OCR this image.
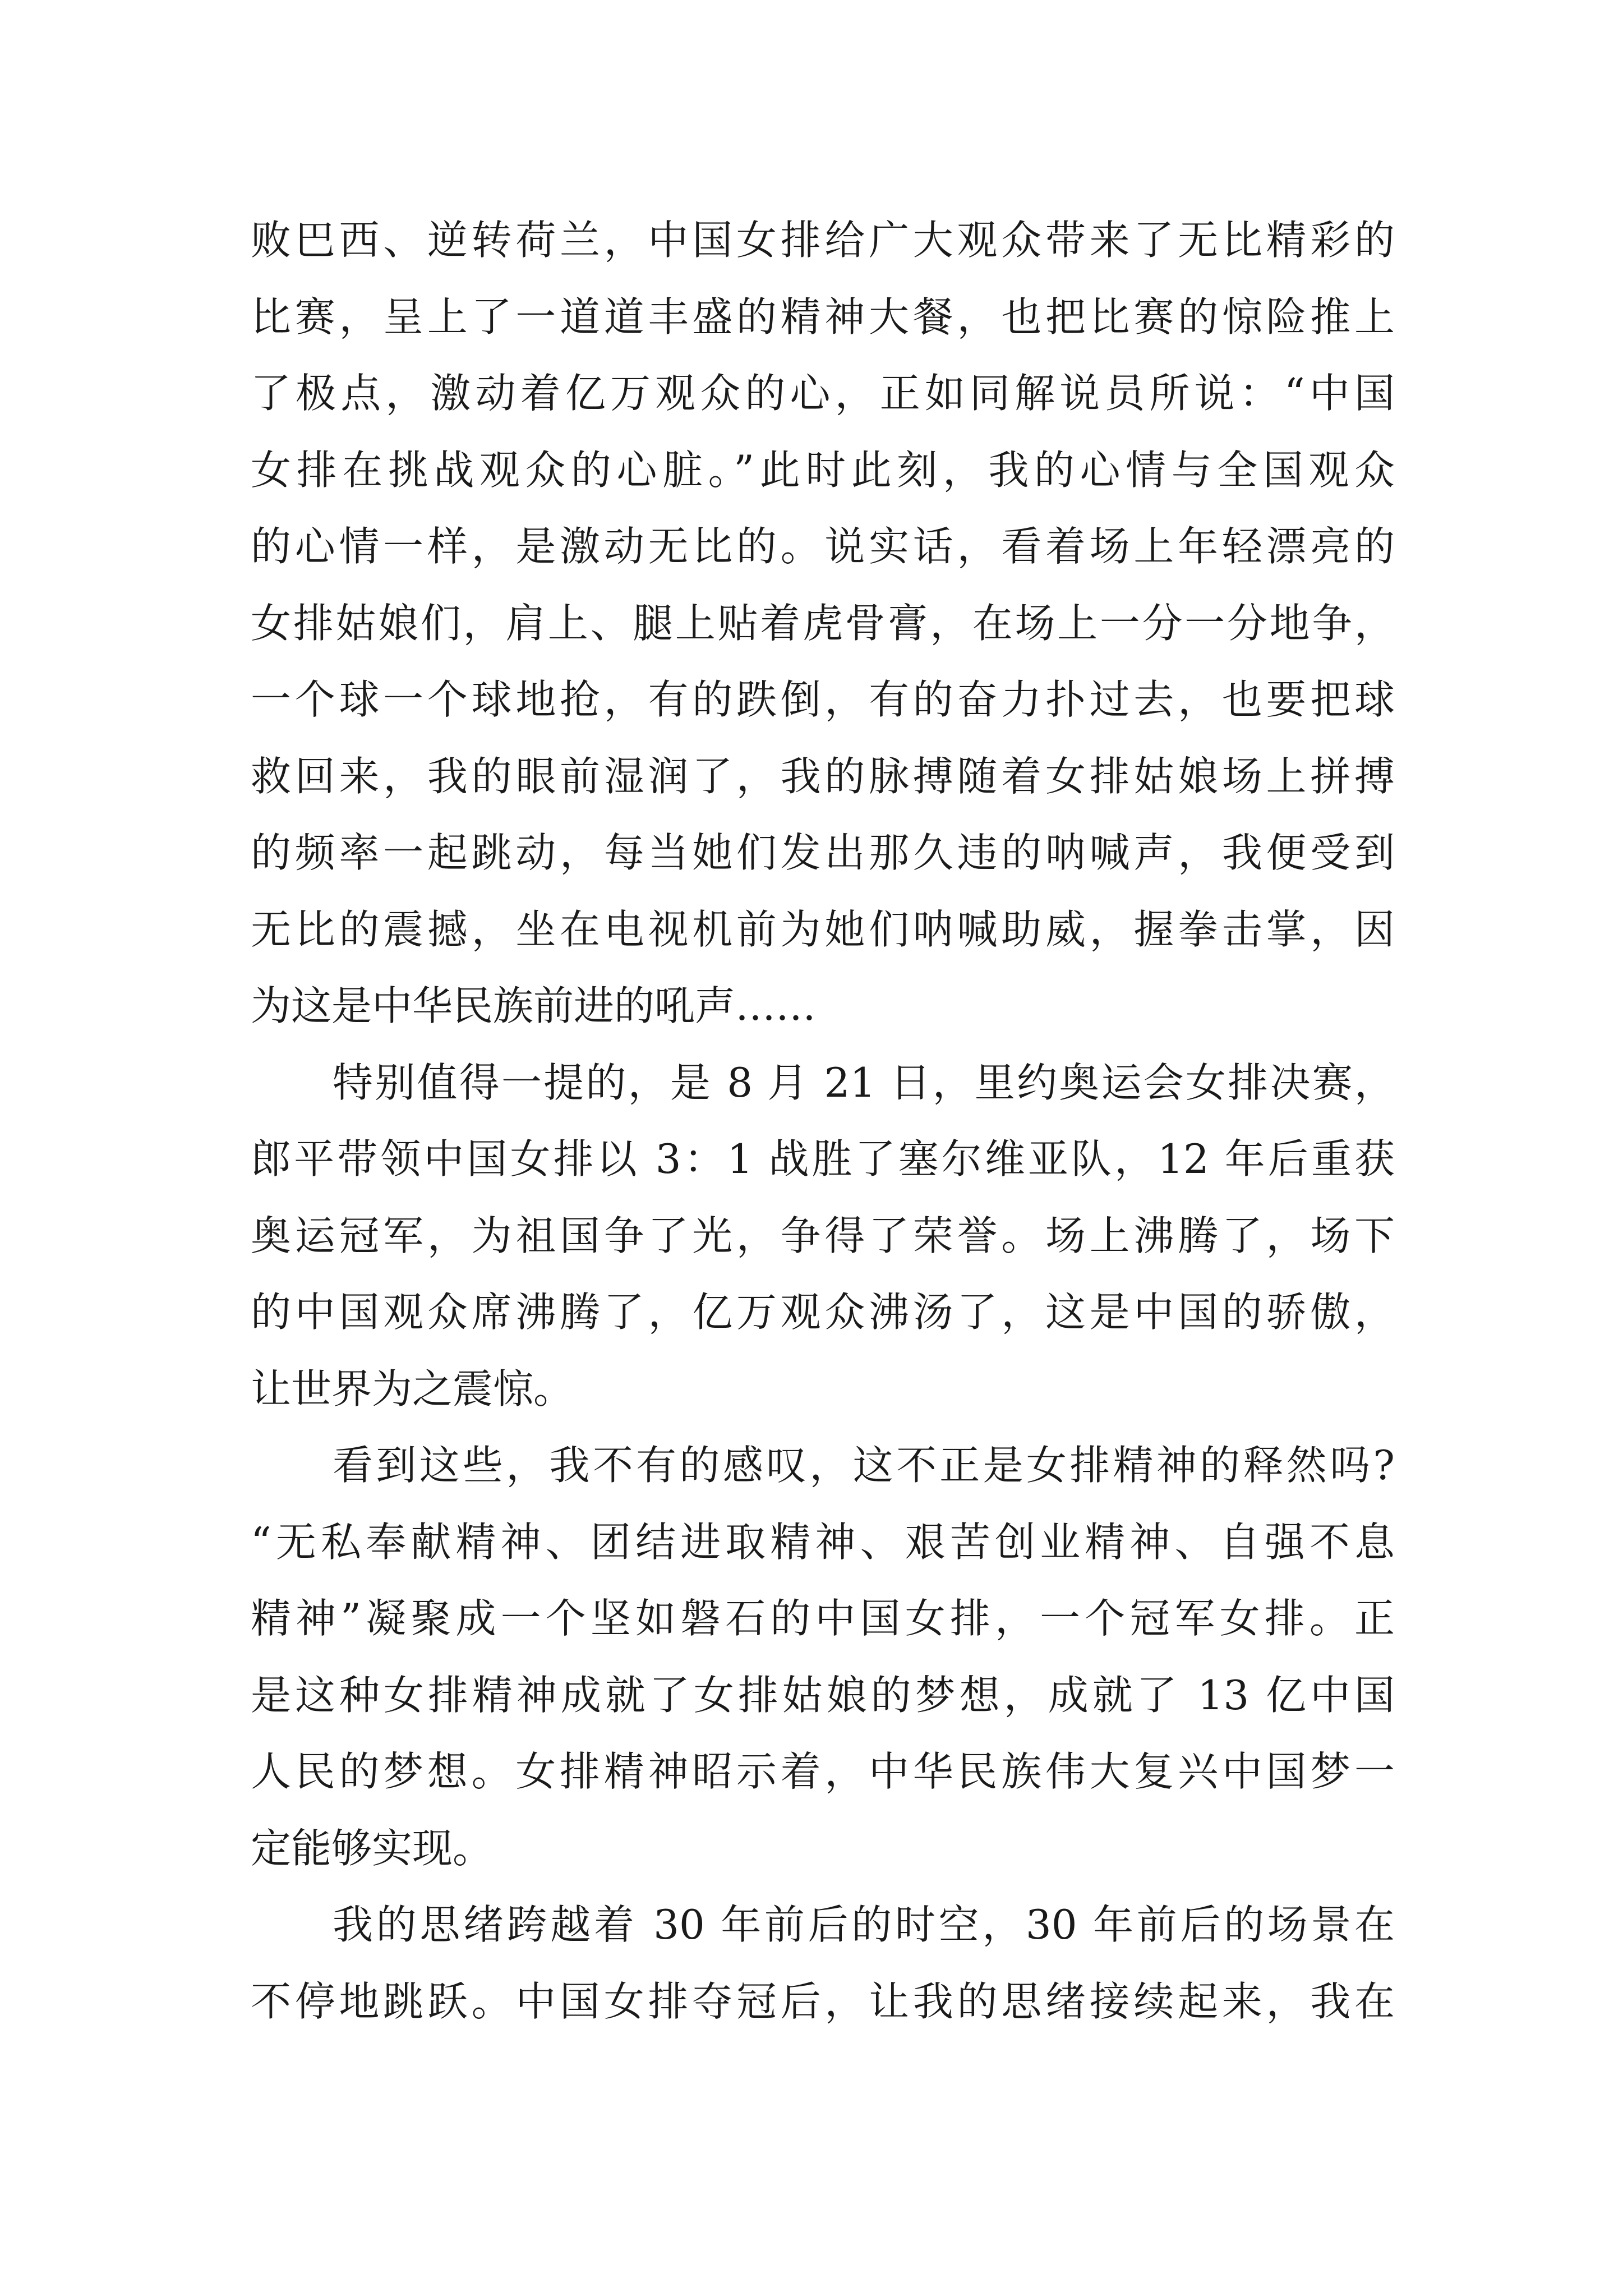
败巴西、逆转荷兰，中国女排给广大观众带来了无比精彩的
比赛，呈上了一道道丰盛的精神大餐，也把比赛的惊险推上
了极点，激动着亿万观众的心，正如同解说员所说：“中国
女排在挑战观众的心脏。”此时此刻，我的心情与全国观众
的心情一样，是激动无比的。说实话，看着场上年轻漂亮的
女排姑娘们，肩上、腿上贴着虎骨膏，在场上一分一分地争，
一个球一个球地抢，有的跌倒，有的奋力扑过去，也要把球
救回来，我的眼前湿润了，我的脉搏随着女排姑娘场上拼搏
的频率一起跳动，每当她们发出那久违的呐喊声，我便受到
无比的震撼，坐在电视机前为她们呐喊助威，握拳击掌，因
为这是中华民族前进的吼声……
特别值得一提的，是 8 月 21 日，里约奥运会女排决赛，
郎平带领中国女排以 3：1 战胜了塞尔维亚队，12 年后重获
奥运冠军，为祖国争了光，争得了荣誉。场上沸腾了，场下
的中国观众席沸腾了，亿万观众沸汤了，这是中国的骄傲，
让世界为之震惊。
看到这些，我不有的感叹，这不正是女排精神的释然吗?
“无私奉献精神、团结进取精神、艰苦创业精神、自强不息
精神”凝聚成一个坚如磐石的中国女排，一个冠军女排。正
是这种女排精神成就了女排姑娘的梦想，成就了 13 亿中国
人民的梦想。女排精神昭示着，中华民族伟大复兴中国梦一
定能够实现。
我的思绪跨越着 30 年前后的时空，30 年前后的场景在
不停地跳跃。中国女排夺冠后，让我的思绪接续起来，我在
